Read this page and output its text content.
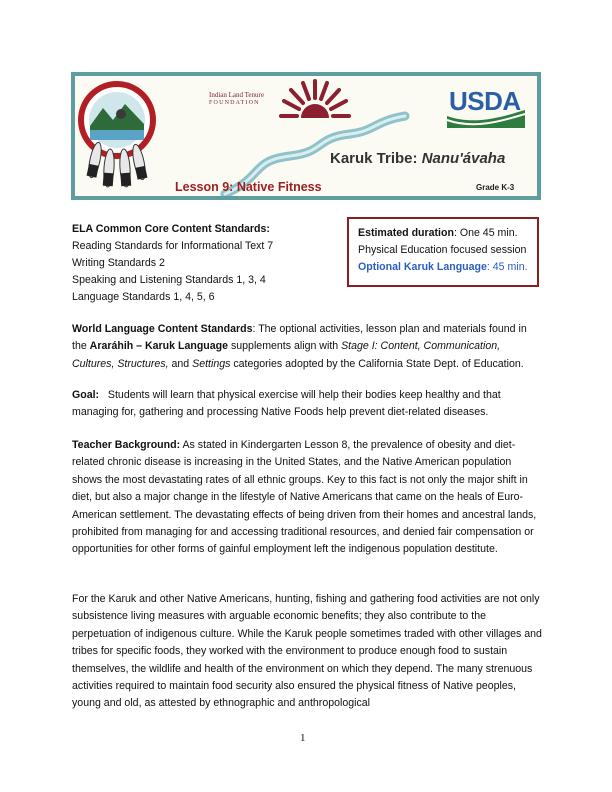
Indian Land Tenure
FOUNDATION	USDA
Karuk Tribe: Nanu'ávaha
Lesson 9: Native Fitness	Grade K-3
ELA Common Core Content Standards:
Reading Standards for Informational Text 7
Writing Standards 2
Speaking and Listening Standards 1, 3, 4
Language Standards 1, 4, 5, 6
Estimated duration: One 45 min.
Physical Education focused session
Optional Karuk Language: 45 min.
World Language Content Standards: The optional activities, lesson plan and materials found in the Araráhih – Karuk Language supplements align with Stage I: Content, Communication, Cultures, Structures, and Settings categories adopted by the California State Dept. of Education.
Goal: Students will learn that physical exercise will help their bodies keep healthy and that managing for, gathering and processing Native Foods help prevent diet-related diseases.
Teacher Background: As stated in Kindergarten Lesson 8, the prevalence of obesity and diet-related chronic disease is increasing in the United States, and the Native American population shows the most devastating rates of all ethnic groups. Key to this fact is not only the major shift in diet, but also a major change in the lifestyle of Native Americans that came on the heals of Euro-American settlement. The devastating effects of being driven from their homes and ancestral lands, prohibited from managing for and accessing traditional resources, and denied fair compensation or opportunities for other forms of gainful employment left the indigenous population destitute.
For the Karuk and other Native Americans, hunting, fishing and gathering food activities are not only subsistence living measures with arguable economic benefits; they also contribute to the perpetuation of indigenous culture. While the Karuk people sometimes traded with other villages and tribes for specific foods, they worked with the environment to produce enough food to sustain themselves, the wildlife and health of the environment on which they depend. The many strenuous activities required to maintain food security also ensured the physical fitness of Native peoples, young and old, as attested by ethnographic and anthropological
1
